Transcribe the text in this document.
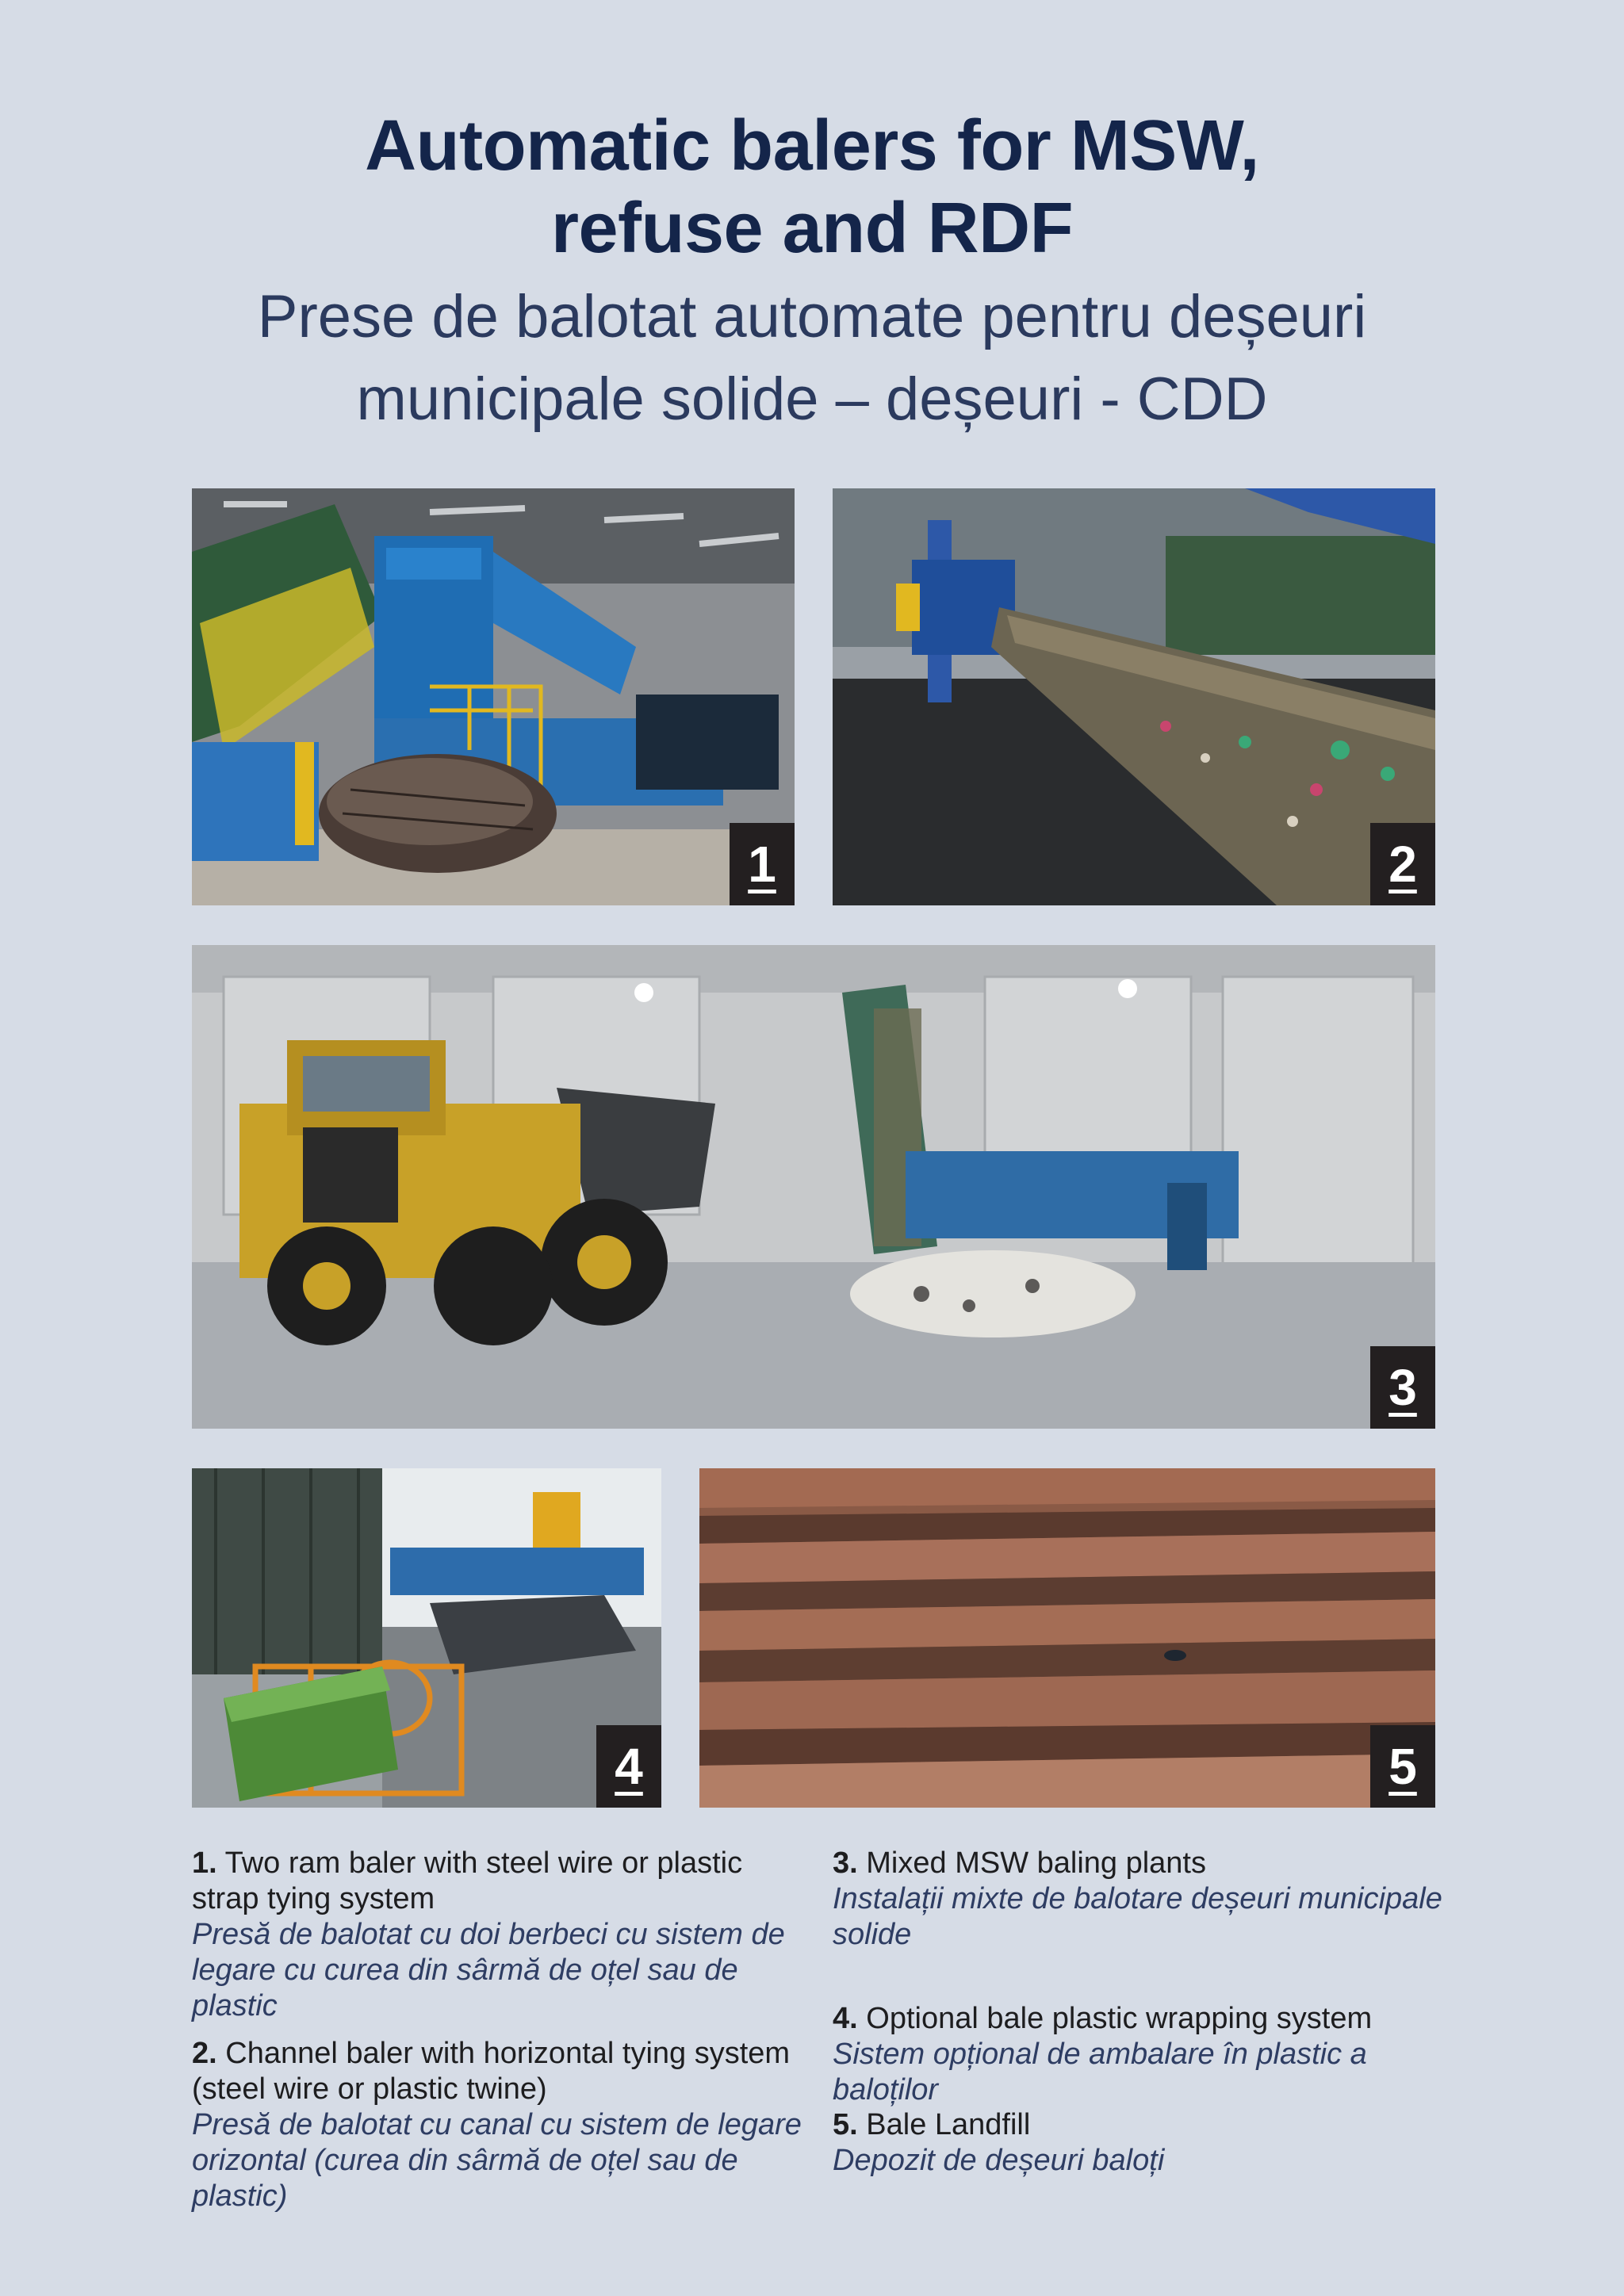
Automatic balers for MSW,
refuse and RDF
Prese de balotat automate pentru deșeuri
municipale solide – deșeuri - CDD
1	2
3
4	5
1. Two ram baler with steel wire or plastic strap tying system
Presă de balotat cu doi berbeci cu sistem de legare cu curea din sârmă de oțel sau de plastic
2. Channel baler with horizontal tying system (steel wire or plastic twine)
Presă de balotat cu canal cu sistem de legare orizontal (curea din sârmă de oțel sau de plastic)
3. Mixed MSW baling plants
Instalații mixte de balotare deșeuri municipale solide
4. Optional bale plastic wrapping system
Sistem opțional de ambalare în plastic a baloților
5. Bale Landfill
Depozit de deșeuri baloți
